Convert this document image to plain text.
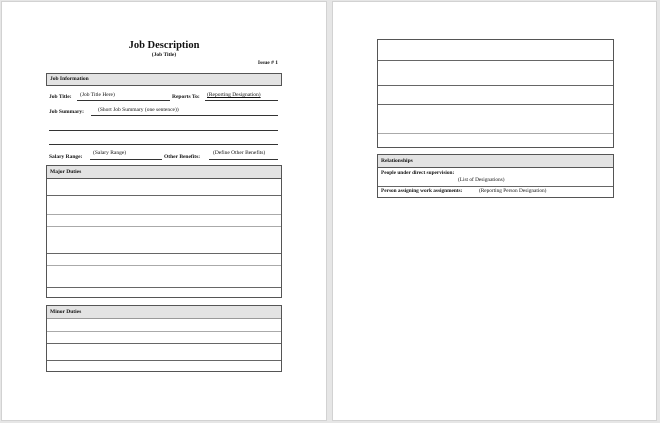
Job Description
(Job Title)
Issue # 1
Job Information
Job Title: (Job Title Here)	Reports To: (Reporting Designation)
Job Summary:	(Short Job Summary (one sentence))
Salary Range:
(Salary Range)
Other Benefits:
(Define Other Benefits)
Major Duties
Minor Duties
Relationships
People under direct supervision:
(List of Designations)
Person assigning work assignments:	(Reporting Person Designation)
